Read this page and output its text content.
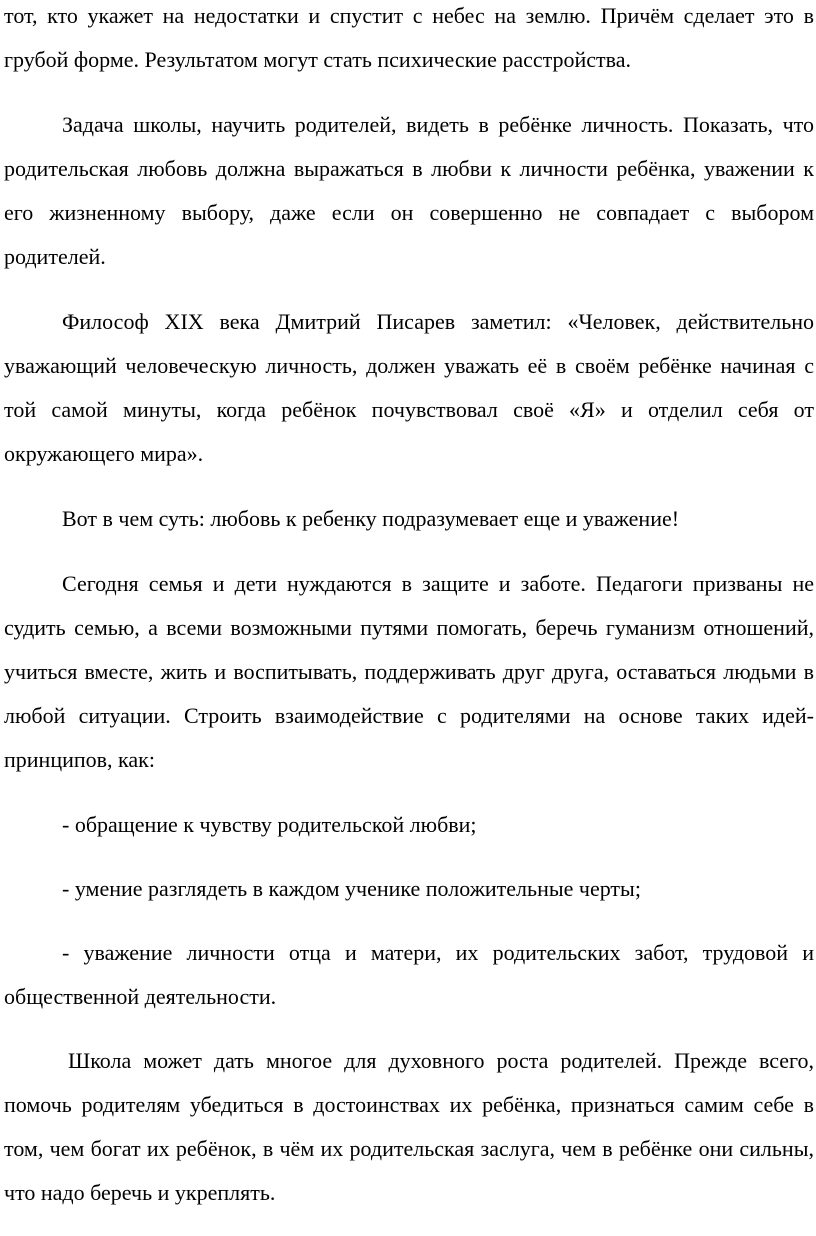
тот, кто укажет на недостатки и спустит с небес на землю. Причём сделает это в грубой форме. Результатом могут стать психические расстройства.

Задача школы, научить родителей, видеть в ребёнке личность. Показать, что родительская любовь должна выражаться в любви к личности ребёнка, уважении к его жизненному выбору, даже если он совершенно не совпадает с выбором родителей.

Философ XIX века Дмитрий Писарев заметил: «Человек, действительно уважающий человеческую личность, должен уважать её в своём ребёнке начиная с той самой минуты, когда ребёнок почувствовал своё «Я» и отделил себя от окружающего мира».

Вот в чем суть: любовь к ребенку подразумевает еще и уважение!

Сегодня семья и дети нуждаются в защите и заботе. Педагоги призваны не судить семью, а всеми возможными путями помогать, беречь гуманизм отношений, учиться вместе, жить и воспитывать, поддерживать друг друга, оставаться людьми в любой ситуации. Строить взаимодействие с родителями на основе таких идей-принципов, как:

- обращение к чувству родительской любви;

- умение разглядеть в каждом ученике положительные черты;

- уважение личности отца и матери, их родительских забот, трудовой и общественной деятельности.

Школа может дать многое для духовного роста родителей. Прежде всего, помочь родителям убедиться в достоинствах их ребёнка, признаться самим себе в том, чем богат их ребёнок, в чём их родительская заслуга, чем в ребёнке они сильны, что надо беречь и укреплять.
